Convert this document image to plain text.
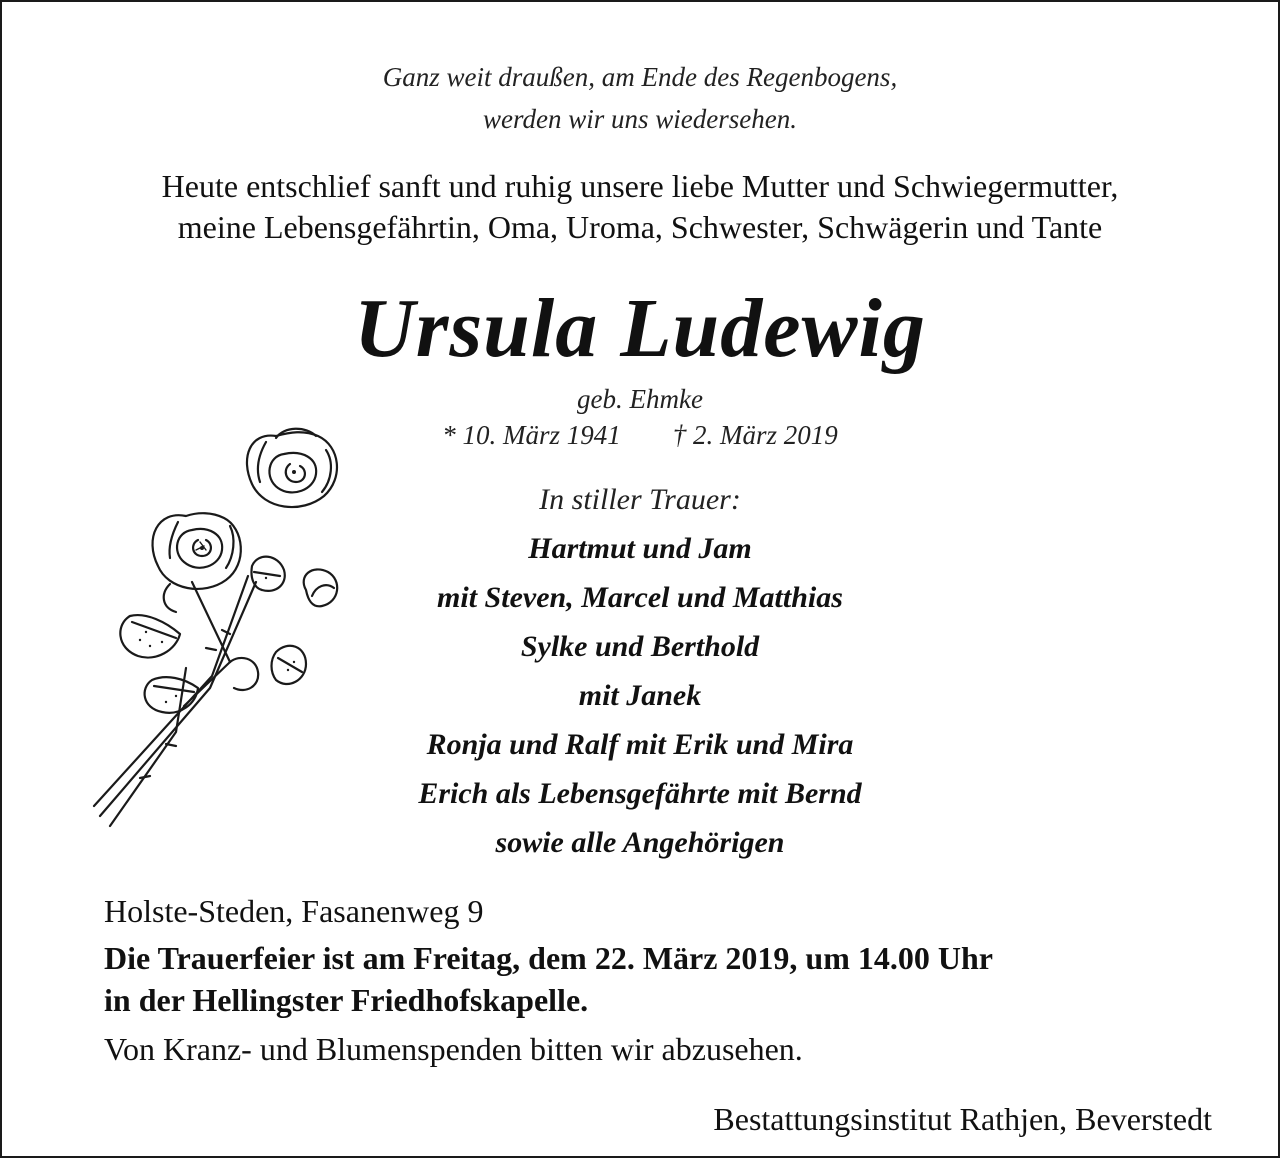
Ganz weit draußen, am Ende des Regenbogens,
werden wir uns wiedersehen.
Heute entschlief sanft und ruhig unsere liebe Mutter und Schwiegermutter,
meine Lebensgefährtin, Oma, Uroma, Schwester, Schwägerin und Tante
Ursula Ludewig
geb. Ehmke
* 10. März 1941 † 2. März 2019
In stiller Trauer:
Hartmut und Jam
mit Steven, Marcel und Matthias
Sylke und Berthold
mit Janek
Ronja und Ralf mit Erik und Mira
Erich als Lebensgefährte mit Bernd
sowie alle Angehörigen
Holste-Steden, Fasanenweg 9
Die Trauerfeier ist am Freitag, dem 22. März 2019, um 14.00 Uhr
in der Hellingster Friedhofskapelle.
Von Kranz- und Blumenspenden bitten wir abzusehen.
Bestattungsinstitut Rathjen, Beverstedt
